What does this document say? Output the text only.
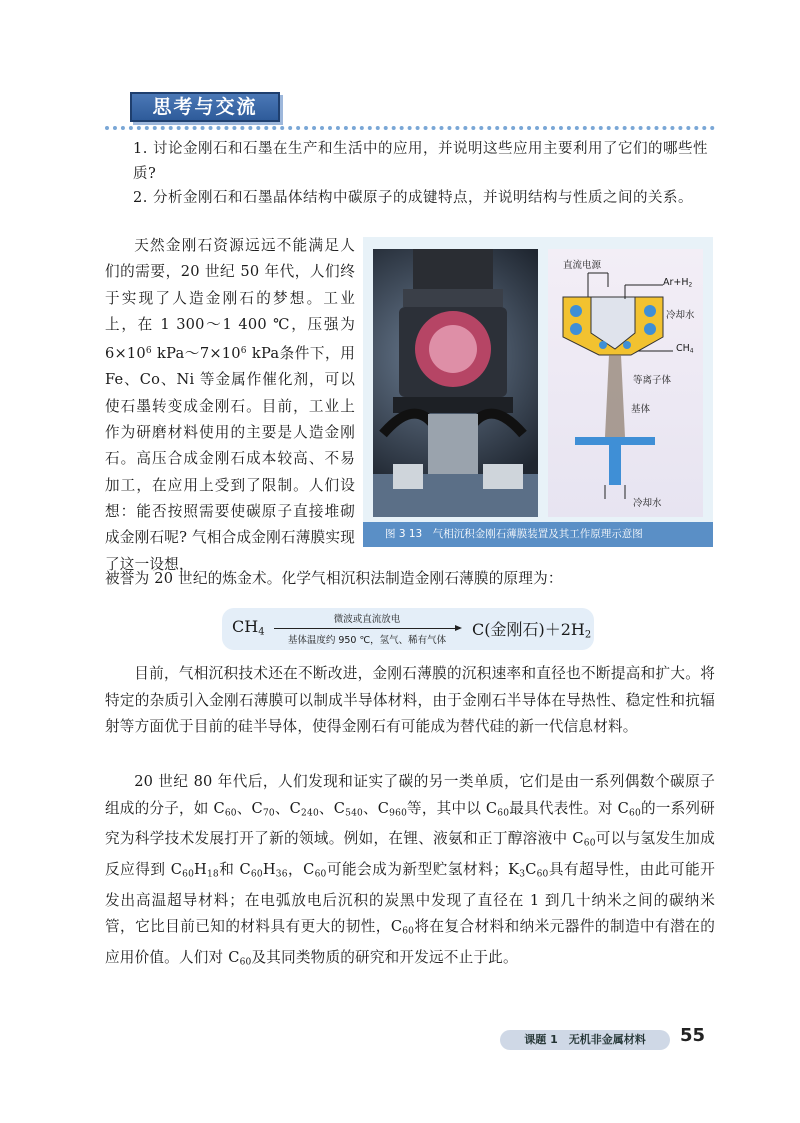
思考与交流
1. 讨论金刚石和石墨在生产和生活中的应用，并说明这些应用主要利用了它们的哪些性质?
2. 分析金刚石和石墨晶体结构中碳原子的成键特点，并说明结构与性质之间的关系。
天然金刚石资源远远不能满足人们的需要，20 世纪 50 年代，人们终于实现了人造金刚石的梦想。工业上，在 1 300～1 400 ℃，压强为 $6\times 10^6$ $kPa\sim 7\times 10^6$ kPa条件下，用 Fe、Co、Ni 等金属作催化剂，可以使石墨转变成金刚石。目前，工业上作为研磨材料使用的主要是人造金刚石。高压合成金刚石成本较高、不易加工，在应用上受到了限制。人们设想：能否按照需要使碳原子直接堆砌成金刚石呢? 气相合成金刚石薄膜实现了这一设想，
直流电源
$Ar+H_2$
冷却水
$CH_4$
等离子体
基体
冷却水
图 3 13　气相沉积金刚石薄膜装置及其工作原理示意图
被誉为 20 世纪的炼金术。化学气相沉积法制造金刚石薄膜的原理为：
$CH_4$
微波或直流放电
基体温度约 950 ℃，氢气、稀有气体
C(金刚石)$+2H_2$
目前，气相沉积技术还在不断改进，金刚石薄膜的沉积速率和直径也不断提高和扩大。将特定的杂质引入金刚石薄膜可以制成半导体材料，由于金刚石半导体在导热性、稳定性和抗辐射等方面优于目前的硅半导体，使得金刚石有可能成为替代硅的新一代信息材料。
20 世纪 80 年代后，人们发现和证实了碳的另一类单质，它们是由一系列偶数个碳原子组成的分子，如 $C_{60}$、$C_{70}$、$C_{240}$、$C_{540}$、$C_{960}$等，其中以 $C_{60}$最具代表性。对 $C_{60}$的一系列研究为科学技术发展打开了新的领域。例如，在锂、液氨和正丁醇溶液中 $C_{60}$可以与氢发生加成反应得到 $C_{60}H_{18}$和 $C_{60}H_{36}$，$C_{60}$可能会成为新型贮氢材料；$K_3C_{60}$具有超导性，由此可能开发出高温超导材料；在电弧放电后沉积的炭黑中发现了直径在 1 到几十纳米之间的碳纳米管，它比目前已知的材料具有更大的韧性，$C_{60}$将在复合材料和纳米元器件的制造中有潜在的应用价值。人们对 $C_{60}$及其同类物质的研究和开发远不止于此。
课题 1　无机非金属材料	55
